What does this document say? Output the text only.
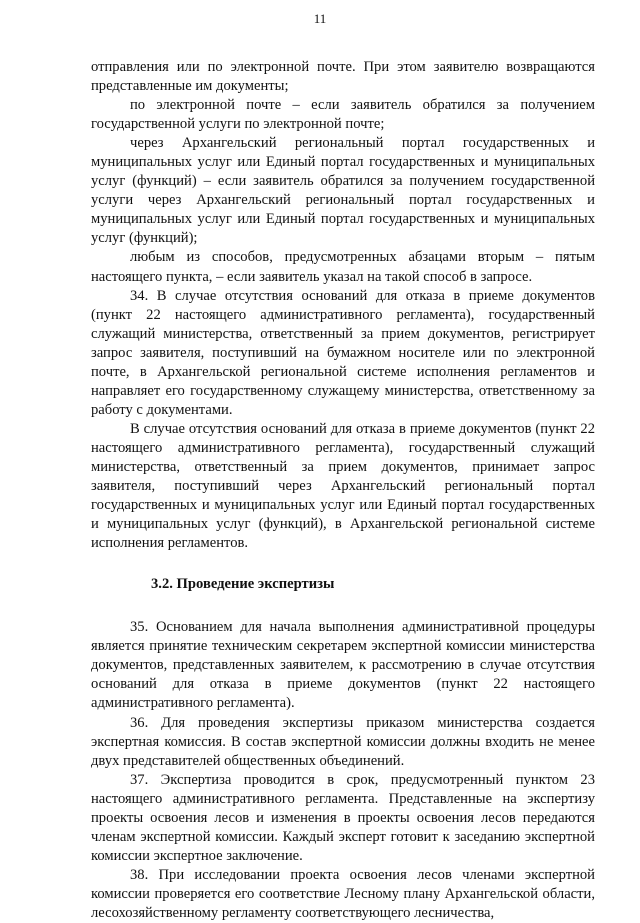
11

отправления или по электронной почте. При этом заявителю возвращаются представленные им документы;

по электронной почте – если заявитель обратился за получением государственной услуги по электронной почте;

через Архангельский региональный портал государственных и муниципальных услуг или Единый портал государственных и муниципальных услуг (функций) – если заявитель обратился за получением государственной услуги через Архангельский региональный портал государственных и муниципальных услуг или Единый портал государственных и муниципальных услуг (функций);

любым из способов, предусмотренных абзацами вторым – пятым настоящего пункта, – если заявитель указал на такой способ в запросе.

34. В случае отсутствия оснований для отказа в приеме документов (пункт 22 настоящего административного регламента), государственный служащий министерства, ответственный за прием документов, регистрирует запрос заявителя, поступивший на бумажном носителе или по электронной почте, в Архангельской региональной системе исполнения регламентов и направляет его государственному служащему министерства, ответственному за работу с документами.

В случае отсутствия оснований для отказа в приеме документов (пункт 22 настоящего административного регламента), государственный служащий министерства, ответственный за прием документов, принимает запрос заявителя, поступивший через Архангельский региональный портал государственных и муниципальных услуг или Единый портал государственных и муниципальных услуг (функций), в Архангельской региональной системе исполнения регламентов.

3.2. Проведение экспертизы

35. Основанием для начала выполнения административной процедуры является принятие техническим секретарем экспертной комиссии министерства документов, представленных заявителем, к рассмотрению в случае отсутствия оснований для отказа в приеме документов (пункт 22 настоящего административного регламента).

36. Для проведения экспертизы приказом министерства создается экспертная комиссия. В состав экспертной комиссии должны входить не менее двух представителей общественных объединений.

37. Экспертиза проводится в срок, предусмотренный пунктом 23 настоящего административного регламента. Представленные на экспертизу проекты освоения лесов и изменения в проекты освоения лесов передаются членам экспертной комиссии. Каждый эксперт готовит к заседанию экспертной комиссии экспертное заключение.

38. При исследовании проекта освоения лесов членами экспертной комиссии проверяется его соответствие Лесному плану Архангельской области, лесохозяйственному регламенту соответствующего лесничества,
